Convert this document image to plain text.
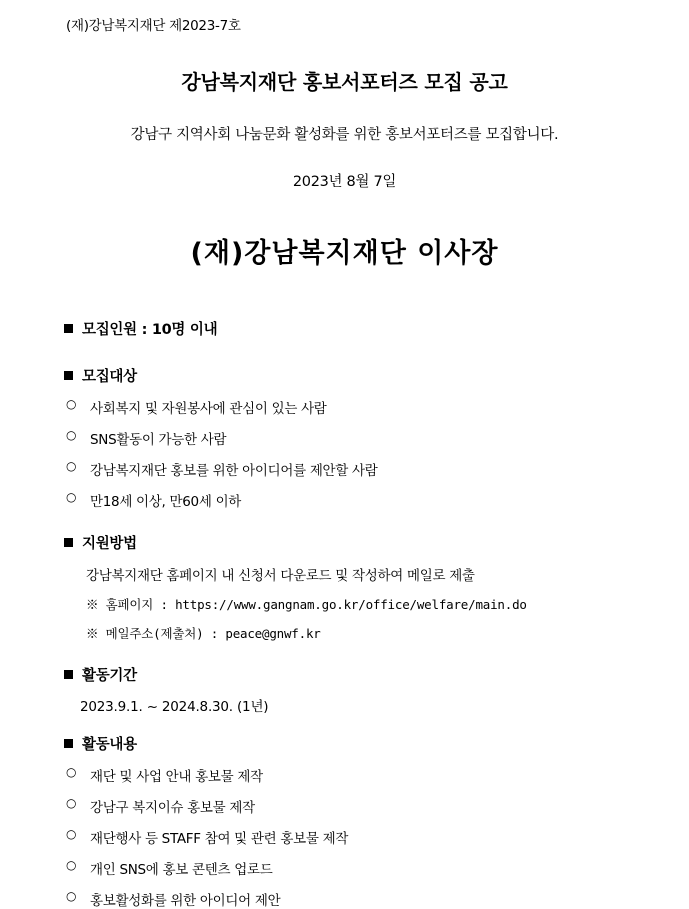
(재)강남복지재단 제2023-7호
강남복지재단 홍보서포터즈 모집 공고
강남구 지역사회 나눔문화 활성화를 위한 홍보서포터즈를 모집합니다.
2023년 8월 7일
(재)강남복지재단 이사장
모집인원 : 10명 이내
모집대상
○ 사회복지 및 자원봉사에 관심이 있는 사람
○ SNS활동이 가능한 사람
○ 강남복지재단 홍보를 위한 아이디어를 제안할 사람
○ 만18세 이상, 만60세 이하
지원방법
강남복지재단 홈페이지 내 신청서 다운로드 및 작성하여 메일로 제출
※ 홈페이지 : https://www.gangnam.go.kr/office/welfare/main.do
※ 메일주소(제출처) : peace@gnwf.kr
활동기간
2023.9.1. ~ 2024.8.30. (1년)
활동내용
○ 재단 및 사업 안내 홍보물 제작
○ 강남구 복지이슈 홍보물 제작
○ 재단행사 등 STAFF 참여 및 관련 홍보물 제작
○ 개인 SNS에 홍보 콘텐츠 업로드
○ 홍보활성화를 위한 아이디어 제안
